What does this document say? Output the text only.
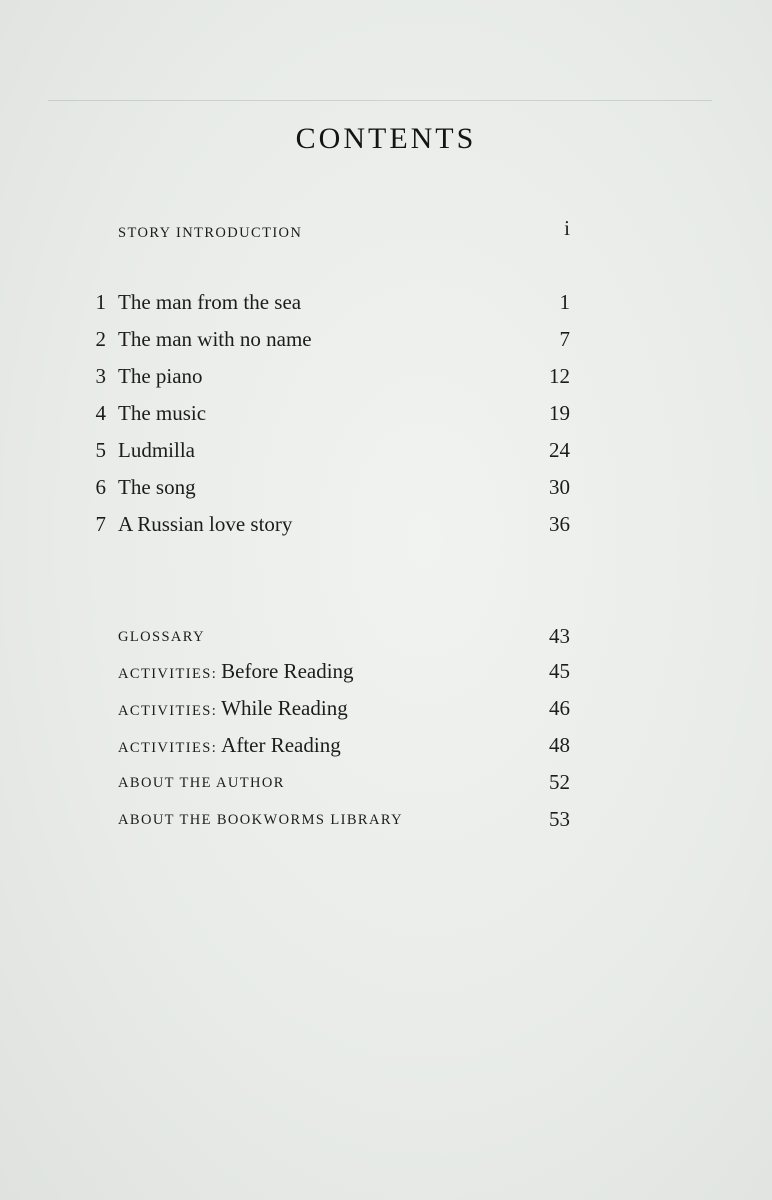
CONTENTS
STORY INTRODUCTION	i
1 The man from the sea	1
2 The man with no name	7
3 The piano	12
4 The music	19
5 Ludmilla	24
6 The song	30
7 A Russian love story	36
GLOSSARY	43
ACTIVITIES: Before Reading	45
ACTIVITIES: While Reading	46
ACTIVITIES: After Reading	48
ABOUT THE AUTHOR	52
ABOUT THE BOOKWORMS LIBRARY	53
